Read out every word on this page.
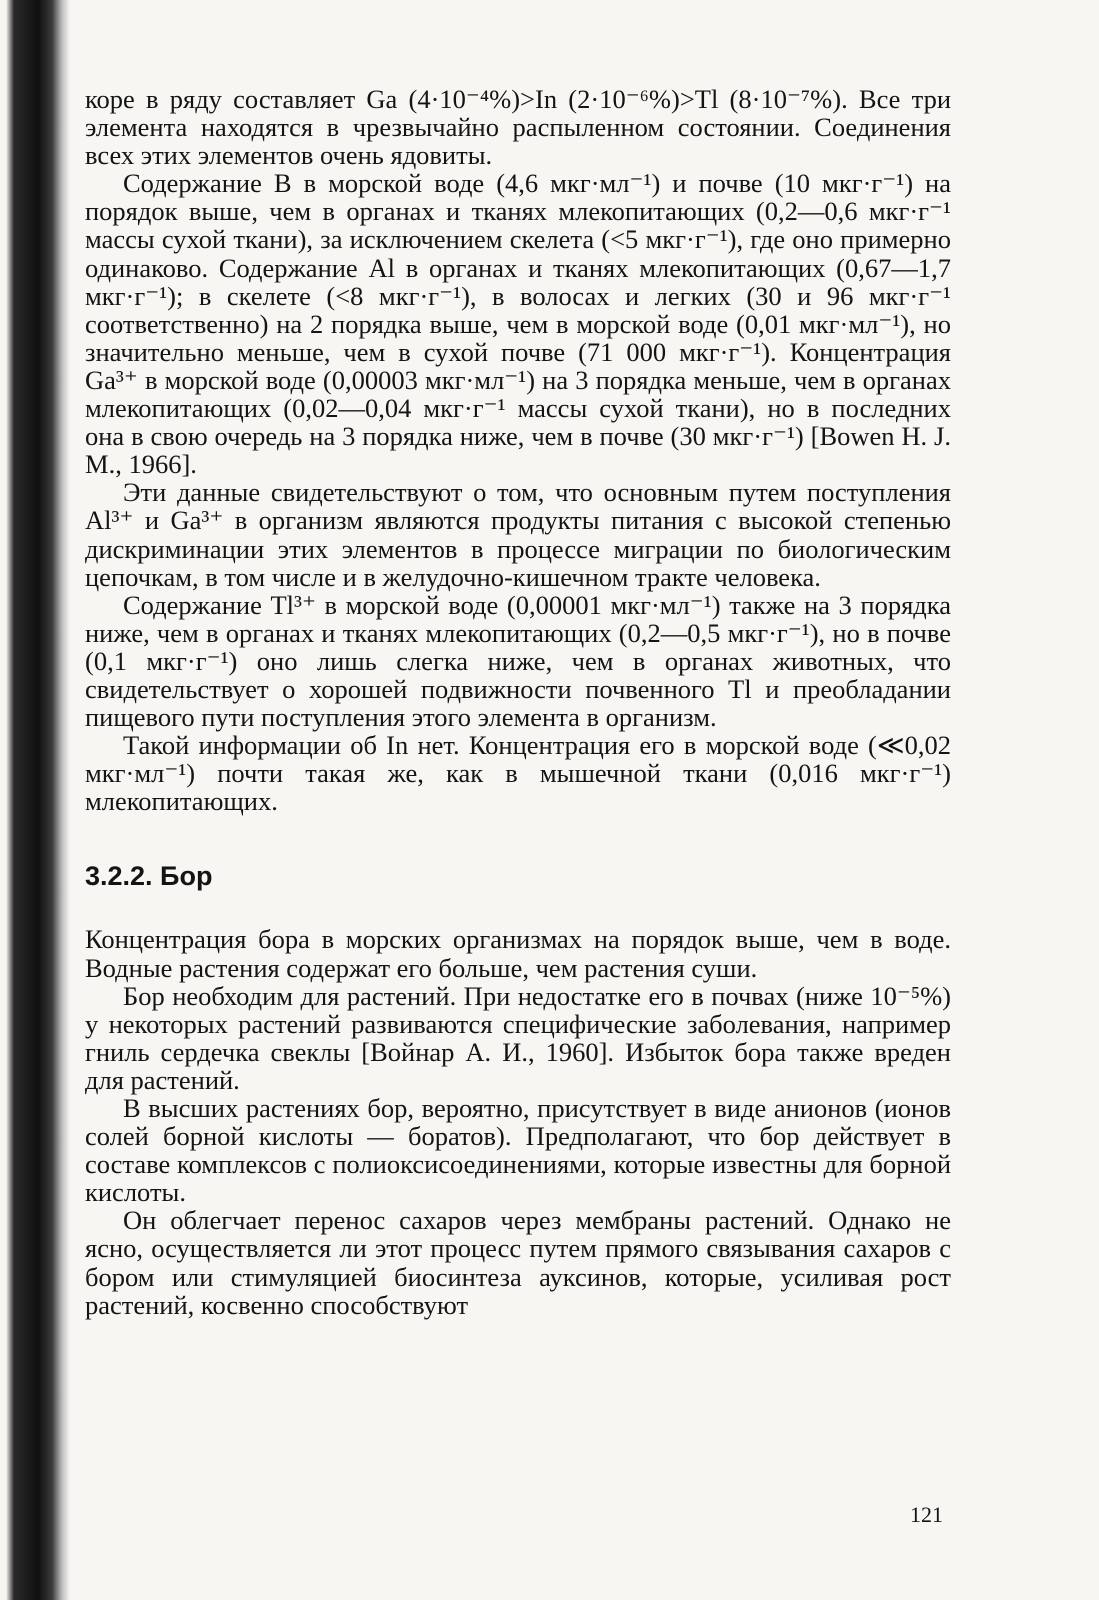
коре в ряду составляет Ga (4·10⁻⁴%)>In (2·10⁻⁶%)>Tl (8·10⁻⁷%). Все три элемента находятся в чрезвычайно распыленном состоянии. Соединения всех этих элементов очень ядовиты.

Содержание B в морской воде (4,6 мкг·мл⁻¹) и почве (10 мкг·г⁻¹) на порядок выше, чем в органах и тканях млекопитающих (0,2—0,6 мкг·г⁻¹ массы сухой ткани), за исключением скелета (<5 мкг·г⁻¹), где оно примерно одинаково. Содержание Al в органах и тканях млекопитающих (0,67—1,7 мкг·г⁻¹); в скелете (<8 мкг·г⁻¹), в волосах и легких (30 и 96 мкг·г⁻¹ соответственно) на 2 порядка выше, чем в морской воде (0,01 мкг·мл⁻¹), но значительно меньше, чем в сухой почве (71 000 мкг·г⁻¹). Концентрация Ga³⁺ в морской воде (0,00003 мкг·мл⁻¹) на 3 порядка меньше, чем в органах млекопитающих (0,02—0,04 мкг·г⁻¹ массы сухой ткани), но в последних она в свою очередь на 3 порядка ниже, чем в почве (30 мкг·г⁻¹) [Bowen H. J. M., 1966].

Эти данные свидетельствуют о том, что основным путем поступления Al³⁺ и Ga³⁺ в организм являются продукты питания с высокой степенью дискриминации этих элементов в процессе миграции по биологическим цепочкам, в том числе и в желудочно-кишечном тракте человека.

Содержание Tl³⁺ в морской воде (0,00001 мкг·мл⁻¹) также на 3 порядка ниже, чем в органах и тканях млекопитающих (0,2—0,5 мкг·г⁻¹), но в почве (0,1 мкг·г⁻¹) оно лишь слегка ниже, чем в органах животных, что свидетельствует о хорошей подвижности почвенного Tl и преобладании пищевого пути поступления этого элемента в организм.

Такой информации об In нет. Концентрация его в морской воде (≪0,02 мкг·мл⁻¹) почти такая же, как в мышечной ткани (0,016 мкг·г⁻¹) млекопитающих.

3.2.2. Бор

Концентрация бора в морских организмах на порядок выше, чем в воде. Водные растения содержат его больше, чем растения суши.

Бор необходим для растений. При недостатке его в почвах (ниже 10⁻⁵%) у некоторых растений развиваются специфические заболевания, например гниль сердечка свеклы [Войнар А. И., 1960]. Избыток бора также вреден для растений.

В высших растениях бор, вероятно, присутствует в виде анионов (ионов солей борной кислоты — боратов). Предполагают, что бор действует в составе комплексов с полиоксисоединениями, которые известны для борной кислоты.

Он облегчает перенос сахаров через мембраны растений. Однако не ясно, осуществляется ли этот процесс путем прямого связывания сахаров с бором или стимуляцией биосинтеза ауксинов, которые, усиливая рост растений, косвенно способствуют

121
